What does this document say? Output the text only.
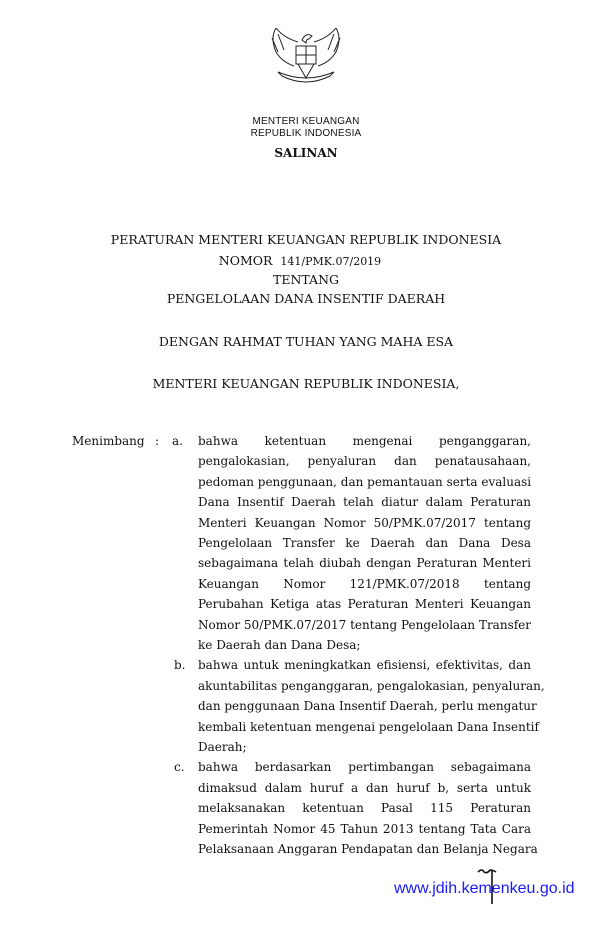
MENTERI KEUANGAN
REPUBLIK INDONESIA
SALINAN
PERATURAN MENTERI KEUANGAN REPUBLIK INDONESIA
NOMOR 141/PMK.07/2019
TENTANG
PENGELOLAAN DANA INSENTIF DAERAH
DENGAN RAHMAT TUHAN YANG MAHA ESA
MENTERI KEUANGAN REPUBLIK INDONESIA,
Menimbang : a. bahwa ketentuan mengenai penganggaran,
pengalokasian, penyaluran dan penatausahaan,
pedoman penggunaan, dan pemantauan serta evaluasi
Dana Insentif Daerah telah diatur dalam Peraturan
Menteri Keuangan Nomor 50/PMK.07/2017 tentang
Pengelolaan Transfer ke Daerah dan Dana Desa
sebagaimana telah diubah dengan Peraturan Menteri
Keuangan Nomor 121/PMK.07/2018 tentang
Perubahan Ketiga atas Peraturan Menteri Keuangan
Nomor 50/PMK.07/2017 tentang Pengelolaan Transfer
ke Daerah dan Dana Desa;
b. bahwa untuk meningkatkan efisiensi, efektivitas, dan
akuntabilitas penganggaran, pengalokasian, penyaluran,
dan penggunaan Dana Insentif Daerah, perlu mengatur
kembali ketentuan mengenai pengelolaan Dana Insentif
Daerah;
c. bahwa berdasarkan pertimbangan sebagaimana
dimaksud dalam huruf a dan huruf b, serta untuk
melaksanakan ketentuan Pasal 115 Peraturan
Pemerintah Nomor 45 Tahun 2013 tentang Tata Cara
Pelaksanaan Anggaran Pendapatan dan Belanja Negara
www.jdih.kemenkeu.go.id
